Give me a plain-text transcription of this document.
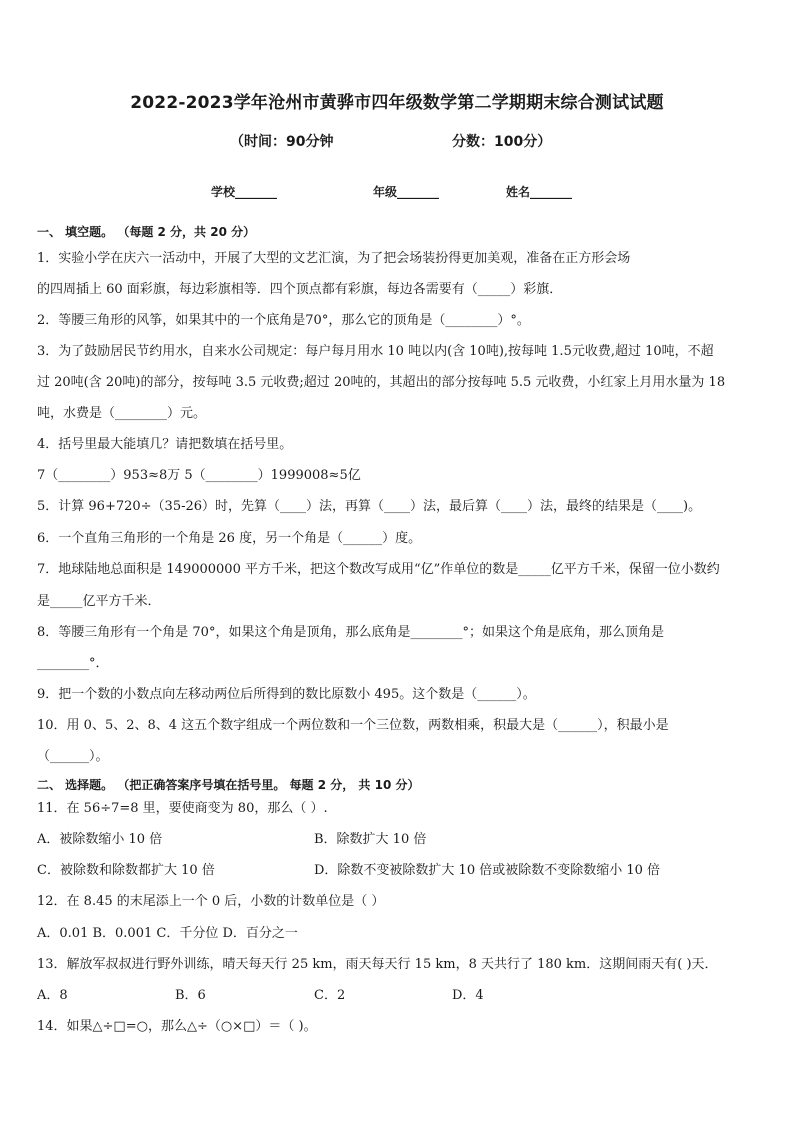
2022-2023学年沧州市黄骅市四年级数学第二学期期末综合测试试题
（时间：90分钟	分数：100分）
学校_______	年级_______	姓名_______
一、 填空题。 （每题 2 分，共 20 分）
1．实验小学在庆六一活动中，开展了大型的文艺汇演，为了把会场装扮得更加美观，准备在正方形会场
的四周插上 60 面彩旗，每边彩旗相等．四个顶点都有彩旗，每边各需要有（_____）彩旗．
2．等腰三角形的风筝，如果其中的一个底角是70°，那么它的顶角是（________）°。
3．为了鼓励居民节约用水，自来水公司规定：每户每月用水 10 吨以内(含 10吨),按每吨 1.5元收费,超过 10吨，不超
过 20吨(含 20吨)的部分，按每吨 3.5 元收费;超过 20吨的，其超出的部分按每吨 5.5 元收费，小红家上月用水量为 18
吨，水费是（________）元。
4．括号里最大能填几？请把数填在括号里。
7（________）953≈8万 5（________）1999008≈5亿
5．计算 96+720÷（35-26）时，先算（____）法，再算（____）法，最后算（____）法，最终的结果是（____)。
6．一个直角三角形的一个角是 26 度，另一个角是（______）度。
7．地球陆地总面积是 149000000 平方千米，把这个数改写成用“亿”作单位的数是_____亿平方千米，保留一位小数约
是_____亿平方千米．
8．等腰三角形有一个角是 70°，如果这个角是顶角，那么底角是________°；如果这个角是底角，那么顶角是
________°．
9．把一个数的小数点向左移动两位后所得到的数比原数小 495。这个数是（______）。
10．用 0、5、2、8、4 这五个数字组成一个两位数和一个三位数，两数相乘，积最大是（______），积最小是
（______）。
二、 选择题。 （把正确答案序号填在括号里。 每题 2 分， 共 10 分）
11．在 56÷7=8 里，要使商变为 80，那么（ ）.
A．被除数缩小 10 倍	B．除数扩大 10 倍
C．被除数和除数都扩大 10 倍	D．除数不变被除数扩大 10 倍或被除数不变除数缩小 10 倍
12．在 8.45 的末尾添上一个 0 后，小数的计数单位是（ ）
A．0.01 B．0.001 C．千分位 D．百分之一
13．解放军叔叔进行野外训练，晴天每天行 25 km，雨天每天行 15 km，8 天共行了 180 km．这期间雨天有( )天．
A．8	B．6	C．2	D．4
14．如果△÷□=○，那么△÷（○×□）＝（ )。
